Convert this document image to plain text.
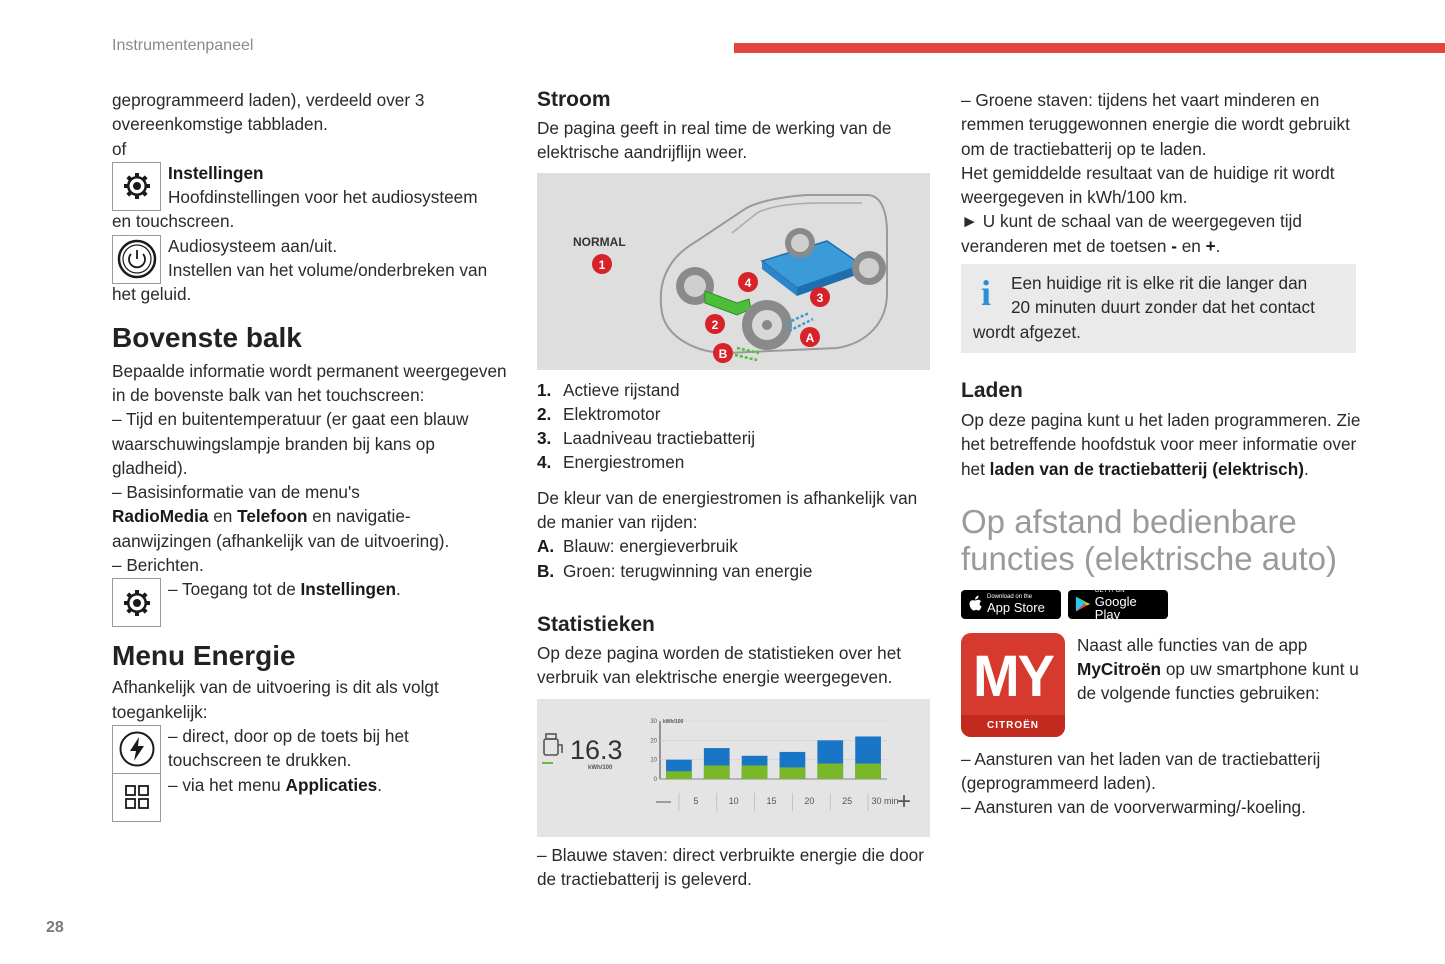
Instrumentenpaneel
28
geprogrammeerd laden), verdeeld over 3
overeenkomstige tabbladen.
of
Instellingen
Hoofdinstellingen voor het audiosysteem
en touchscreen.
Audiosysteem aan/uit.
Instellen van het volume/onderbreken van
het geluid.
Bovenste balk
Bepaalde informatie wordt permanent weergegeven in de bovenste balk van het touchscreen:
– Tijd en buitentemperatuur (er gaat een blauw waarschuwingslampje branden bij kans op gladheid).
– Basisinformatie van de menu's
RadioMedia en Telefoon en navigatie-
aanwijzingen (afhankelijk van de uitvoering).
– Berichten.
– Toegang tot de Instellingen.
Menu Energie
Afhankelijk van de uitvoering is dit als volgt toegankelijk:
– direct, door op de toets bij het
touchscreen te drukken.
– via het menu Applicaties.
Stroom
De pagina geeft in real time de werking van de elektrische aandrijflijn weer.
NORMAL
1
4
3
2
A
B
1. Actieve rijstand
2. Elektromotor
3. Laadniveau tractiebatterij
4. Energiestromen
De kleur van de energiestromen is afhankelijk van de manier van rijden:
A. Blauw: energieverbruik
B. Groen: terugwinning van energie
Statistieken
Op deze pagina worden de statistieken over het verbruik van elektrische energie weergegeven.
16.3
kWh/100
30
20
10
0
kWh/100
5	10	15	20	25 30 min
—	+
– Blauwe staven: direct verbruikte energie die door de tractiebatterij is geleverd.
– Groene staven: tijdens het vaart minderen en remmen teruggewonnen energie die wordt gebruikt om de tractiebatterij op te laden.
Het gemiddelde resultaat van de huidige rit wordt weergegeven in kWh/100 km.
► U kunt de schaal van de weergegeven tijd veranderen met de toetsen - en +.
i	Een huidige rit is elke rit die langer dan
20 minuten duurt zonder dat het contact
wordt afgezet.
Laden
Op deze pagina kunt u het laden programmeren. Zie het betreffende hoofdstuk voor meer informatie over het laden van de tractiebatterij (elektrisch).
Op afstand bedienbare functies (elektrische auto)
Download on the
App Store

GET IT ON
Google Play
MY
CITROËN
Naast alle functies van de app MyCitroën op uw smartphone kunt u de volgende functies gebruiken:
– Aansturen van het laden van de tractiebatterij (geprogrammeerd laden).
– Aansturen van de voorverwarming/-koeling.
